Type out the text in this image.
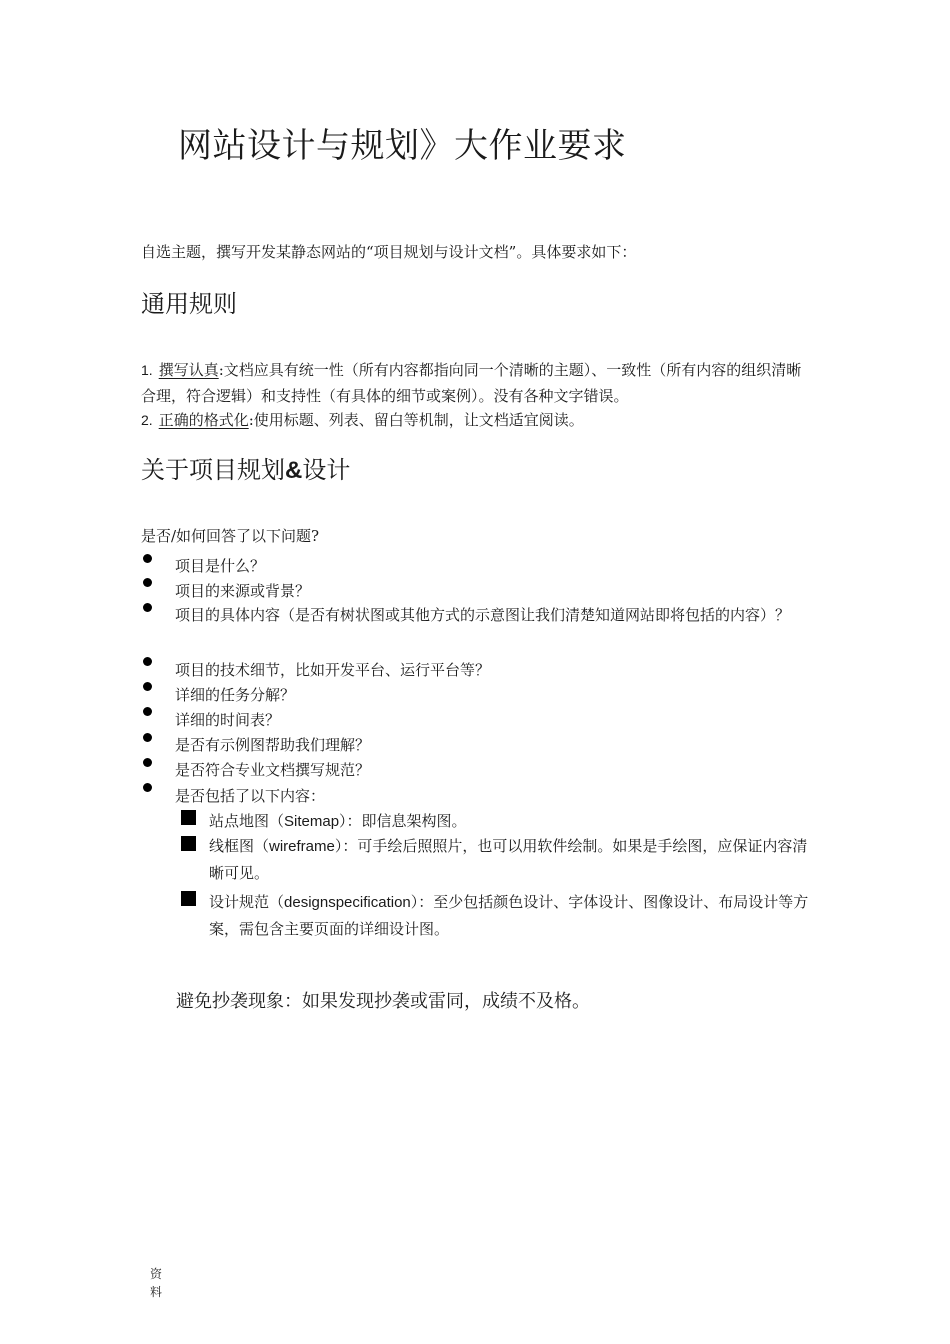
网站设计与规划》大作业要求
自选主题，撰写开发某静态网站的“项目规划与设计文档”。具体要求如下：
通用规则
1. 撰写认真:文档应具有统一性（所有内容都指向同一个清晰的主题）、一致性（所有内容的组织清晰合理，符合逻辑）和支持性（有具体的细节或案例）。没有各种文字错误。
2. 正确的格式化:使用标题、列表、留白等机制，让文档适宜阅读。
关于项目规划&设计
是否/如何回答了以下问题?
项目是什么？
项目的来源或背景？
项目的具体内容（是否有树状图或其他方式的示意图让我们清楚知道网站即将包括的内容）？
项目的技术细节，比如开发平台、运行平台等？
详细的任务分解？
详细的时间表？
是否有示例图帮助我们理解？
是否符合专业文档撰写规范？
是否包括了以下内容：
站点地图（Sitemap）：即信息架构图。
线框图（wireframe）：可手绘后照照片，也可以用软件绘制。如果是手绘图，应保证内容清晰可见。
设计规范（designspecification）：至少包括颜色设计、字体设计、图像设计、布局设计等方案，需包含主要页面的详细设计图。
避免抄袭现象：如果发现抄袭或雷同，成绩不及格。
资料
